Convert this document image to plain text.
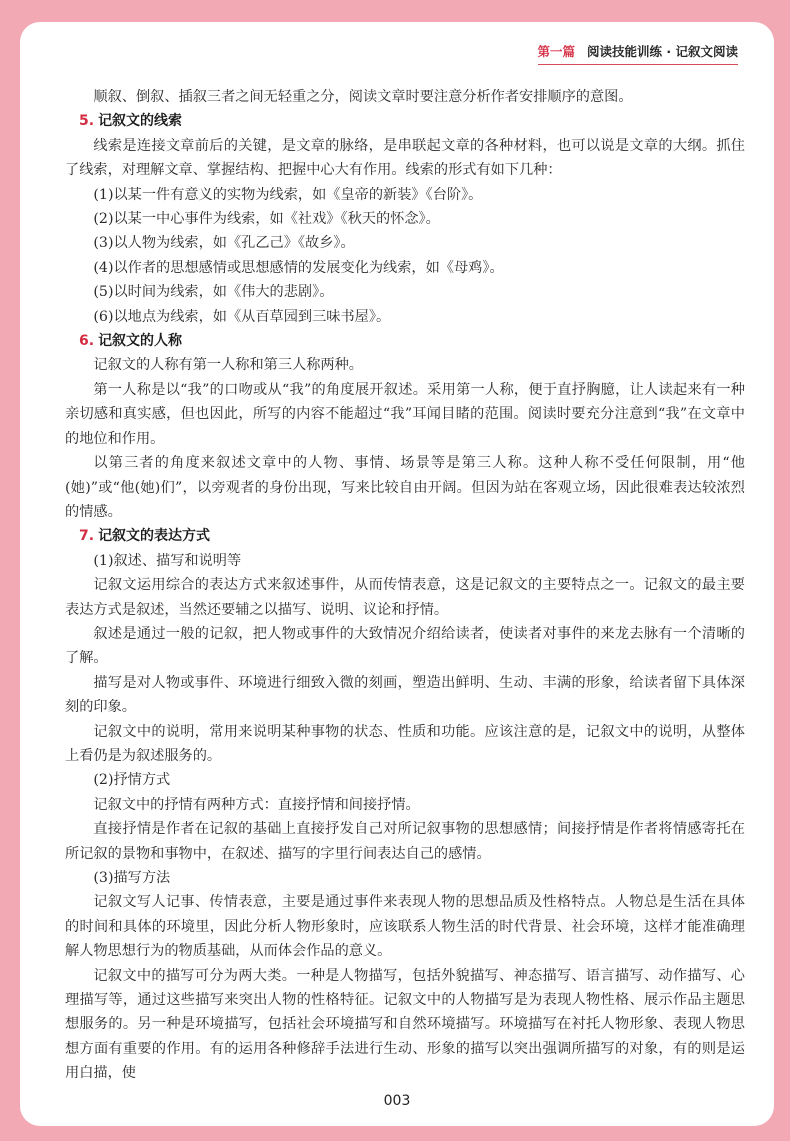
第一篇 阅读技能训练 · 记叙文阅读

顺叙、倒叙、插叙三者之间无轻重之分，阅读文章时要注意分析作者安排顺序的意图。

5. 记叙文的线索

线索是连接文章前后的关键，是文章的脉络，是串联起文章的各种材料，也可以说是文章的大纲。抓住了线索，对理解文章、掌握结构、把握中心大有作用。线索的形式有如下几种：

(1)以某一件有意义的实物为线索，如《皇帝的新装》《台阶》。

(2)以某一中心事件为线索，如《社戏》《秋天的怀念》。

(3)以人物为线索，如《孔乙己》《故乡》。

(4)以作者的思想感情或思想感情的发展变化为线索，如《母鸡》。

(5)以时间为线索，如《伟大的悲剧》。

(6)以地点为线索，如《从百草园到三味书屋》。

6. 记叙文的人称

记叙文的人称有第一人称和第三人称两种。

第一人称是以“我”的口吻或从“我”的角度展开叙述。采用第一人称，便于直抒胸臆，让人读起来有一种亲切感和真实感，但也因此，所写的内容不能超过“我”耳闻目睹的范围。阅读时要充分注意到“我”在文章中的地位和作用。

以第三者的角度来叙述文章中的人物、事情、场景等是第三人称。这种人称不受任何限制，用“他(她)”或“他(她)们”，以旁观者的身份出现，写来比较自由开阔。但因为站在客观立场，因此很难表达较浓烈的情感。

7. 记叙文的表达方式

(1)叙述、描写和说明等

记叙文运用综合的表达方式来叙述事件，从而传情表意，这是记叙文的主要特点之一。记叙文的最主要表达方式是叙述，当然还要辅之以描写、说明、议论和抒情。

叙述是通过一般的记叙，把人物或事件的大致情况介绍给读者，使读者对事件的来龙去脉有一个清晰的了解。

描写是对人物或事件、环境进行细致入微的刻画，塑造出鲜明、生动、丰满的形象，给读者留下具体深刻的印象。

记叙文中的说明，常用来说明某种事物的状态、性质和功能。应该注意的是，记叙文中的说明，从整体上看仍是为叙述服务的。

(2)抒情方式

记叙文中的抒情有两种方式：直接抒情和间接抒情。

直接抒情是作者在记叙的基础上直接抒发自己对所记叙事物的思想感情；间接抒情是作者将情感寄托在所记叙的景物和事物中，在叙述、描写的字里行间表达自己的感情。

(3)描写方法

记叙文写人记事、传情表意，主要是通过事件来表现人物的思想品质及性格特点。人物总是生活在具体的时间和具体的环境里，因此分析人物形象时，应该联系人物生活的时代背景、社会环境，这样才能准确理解人物思想行为的物质基础，从而体会作品的意义。

记叙文中的描写可分为两大类。一种是人物描写，包括外貌描写、神态描写、语言描写、动作描写、心理描写等，通过这些描写来突出人物的性格特征。记叙文中的人物描写是为表现人物性格、展示作品主题思想服务的。另一种是环境描写，包括社会环境描写和自然环境描写。环境描写在衬托人物形象、表现人物思想方面有重要的作用。有的运用各种修辞手法进行生动、形象的描写以突出强调所描写的对象，有的则是运用白描，使

003
